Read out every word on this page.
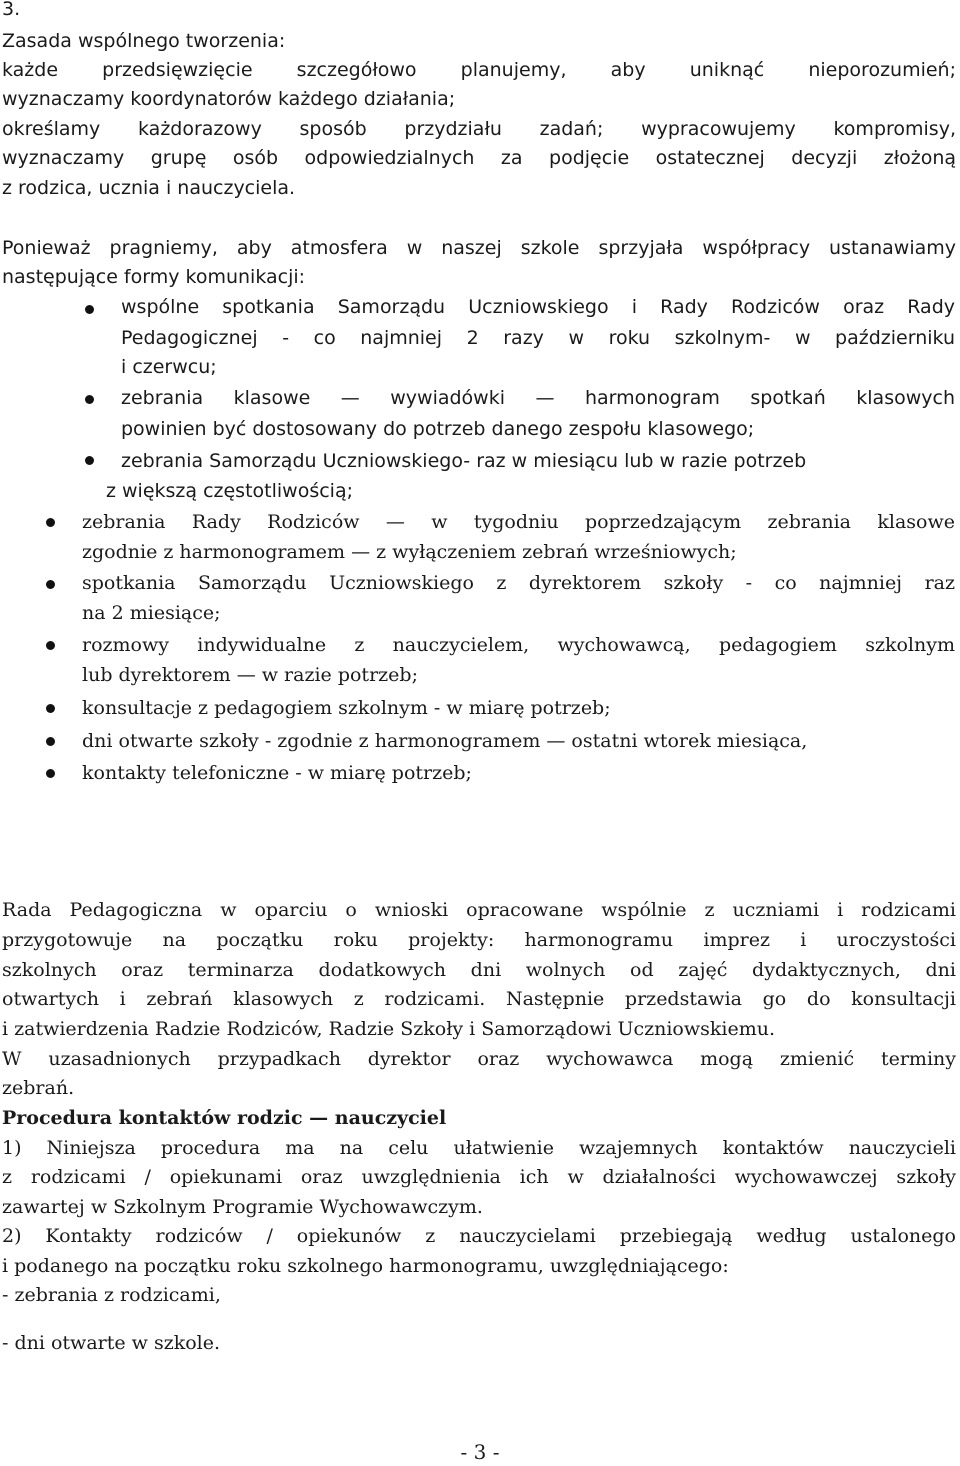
3.
Zasada wspólnego tworzenia:
każde przedsięwzięcie szczegółowo planujemy, aby uniknąć nieporozumień;
wyznaczamy koordynatorów każdego działania;
określamy każdorazowy sposób przydziału zadań; wypracowujemy kompromisy,
wyznaczamy grupę osób odpowiedzialnych za podjęcie ostatecznej decyzji złożoną
z rodzica, ucznia i nauczyciela.
Ponieważ pragniemy, aby atmosfera w naszej szkole sprzyjała współpracy ustanawiamy
następujące formy komunikacji:
wspólne spotkania Samorządu Uczniowskiego i Rady Rodziców oraz Rady
Pedagogicznej - co najmniej 2 razy w roku szkolnym- w październiku
i czerwcu;
zebrania klasowe — wywiadówki — harmonogram spotkań klasowych
powinien być dostosowany do potrzeb danego zespołu klasowego;
zebrania Samorządu Uczniowskiego- raz w miesiącu lub w razie potrzeb
z większą częstotliwością;
zebrania Rady Rodziców — w tygodniu poprzedzającym zebrania klasowe
zgodnie z harmonogramem — z wyłączeniem zebrań wrześniowych;
spotkania Samorządu Uczniowskiego z dyrektorem szkoły - co najmniej raz
na 2 miesiące;
rozmowy indywidualne z nauczycielem, wychowawcą, pedagogiem szkolnym
lub dyrektorem — w razie potrzeb;
konsultacje z pedagogiem szkolnym - w miarę potrzeb;
dni otwarte szkoły - zgodnie z harmonogramem — ostatni wtorek miesiąca,
kontakty telefoniczne - w miarę potrzeb;
Rada Pedagogiczna w oparciu o wnioski opracowane wspólnie z uczniami i rodzicami
przygotowuje na początku roku projekty: harmonogramu imprez i uroczystości
szkolnych oraz terminarza dodatkowych dni wolnych od zajęć dydaktycznych, dni
otwartych i zebrań klasowych z rodzicami. Następnie przedstawia go do konsultacji
i zatwierdzenia Radzie Rodziców, Radzie Szkoły i Samorządowi Uczniowskiemu.
W uzasadnionych przypadkach dyrektor oraz wychowawca mogą zmienić terminy
zebrań.
Procedura kontaktów rodzic — nauczyciel
1) Niniejsza procedura ma na celu ułatwienie wzajemnych kontaktów nauczycieli
z rodzicami / opiekunami oraz uwzględnienia ich w działalności wychowawczej szkoły
zawartej w Szkolnym Programie Wychowawczym.
2) Kontakty rodziców / opiekunów z nauczycielami przebiegają według ustalonego
i podanego na początku roku szkolnego harmonogramu, uwzględniającego:
- zebrania z rodzicami,
- dni otwarte w szkole.
- 3 -
